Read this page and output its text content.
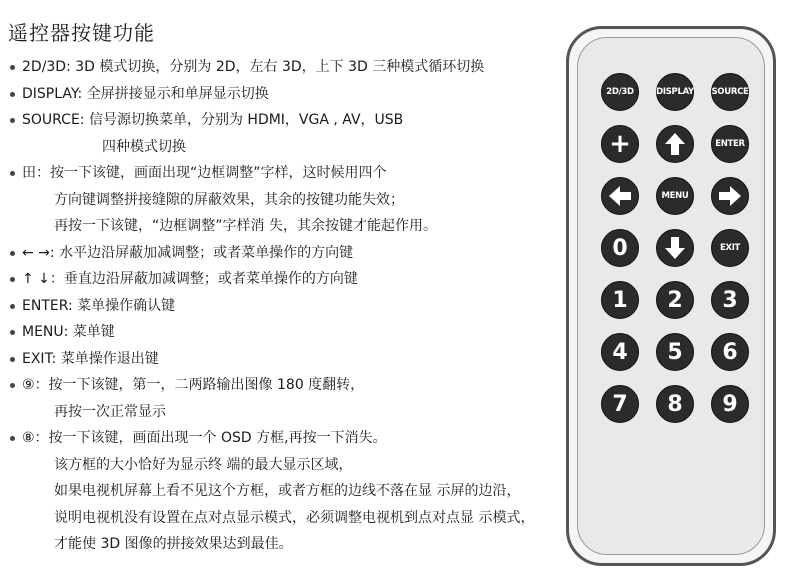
遥控器按键功能
2D/3D: 3D 模式切换，分别为 2D，左右 3D，上下 3D 三种模式循环切换
DISPLAY: 全屏拼接显示和单屏显示切换
SOURCE: 信号源切换菜单，分别为 HDMI，VGA , AV，USB
四种模式切换
田：按一下该键，画面出现“边框调整”字样，这时候用四个
方向键调整拼接缝隙的屏蔽效果，其余的按键功能失效；
再按一下该键，“边框调整”字样消 失，其余按键才能起作用。
← →: 水平边沿屏蔽加减调整；或者菜单操作的方向键
↑ ↓：垂直边沿屏蔽加减调整；或者菜单操作的方向键
ENTER: 菜单操作确认键
MENU: 菜单键
EXIT: 菜单操作退出键
⑨：按一下该键，第一，二两路输出图像 180 度翻转，
再按一次正常显示
⑧：按一下该键，画面出现一个 OSD 方框,再按一下消失。
该方框的大小恰好为显示终 端的最大显示区域，
如果电视机屏幕上看不见这个方框，或者方框的边线不落在显 示屏的边沿，
说明电视机没有设置在点对点显示模式，必须调整电视机到点对点显 示模式，
才能使 3D 图像的拼接效果达到最佳。
2D/3D	DISPLAY SOURCE
+	ENTER
MENU
0	EXIT
1	2	3
4	5	6
7	8	9
